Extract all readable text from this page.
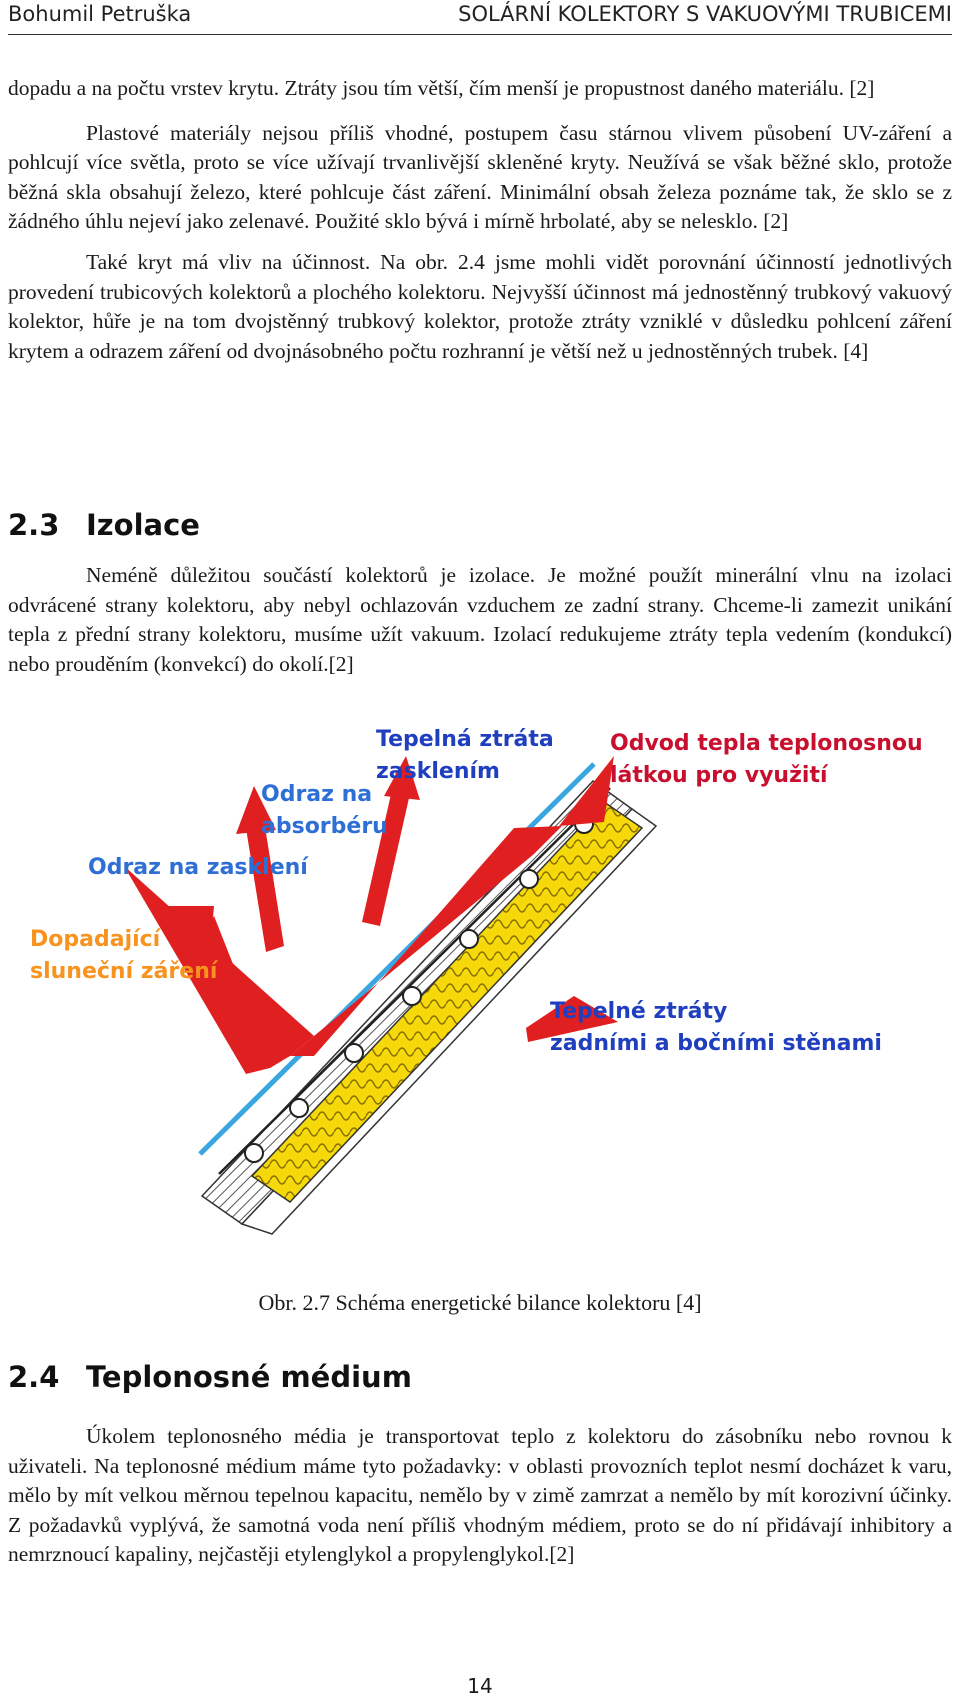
Bohumil Petruška	SOLÁRNÍ KOLEKTORY S VAKUOVÝMI TRUBICEMI

dopadu a na počtu vrstev krytu. Ztráty jsou tím větší, čím menší je propustnost daného materiálu. [2]

Plastové materiály nejsou příliš vhodné, postupem času stárnou vlivem působení UV-záření a pohlcují více světla, proto se více užívají trvanlivější skleněné kryty. Neužívá se však běžné sklo, protože běžná skla obsahují železo, které pohlcuje část záření. Minimální obsah železa poznáme tak, že sklo se z žádného úhlu nejeví jako zelenavé. Použité sklo bývá i mírně hrbolaté, aby se nelesklo. [2]

Také kryt má vliv na účinnost. Na obr. 2.4 jsme mohli vidět porovnání účinností jednotlivých provedení trubicových kolektorů a plochého kolektoru. Nejvyšší účinnost má jednostěnný trubkový vakuový kolektor, hůře je na tom dvojstěnný trubkový kolektor, protože ztráty vzniklé v důsledku pohlcení záření krytem a odrazem záření od dvojnásobného počtu rozhranní je větší než u jednostěnných trubek. [4]

2.3 Izolace

Neméně důležitou součástí kolektorů je izolace. Je možné použít minerální vlnu na izolaci odvrácené strany kolektoru, aby nebyl ochlazován vzduchem ze zadní strany. Chceme-li zamezit unikání tepla z přední strany kolektoru, musíme užít vakuum. Izolací redukujeme ztráty tepla vedením (kondukcí) nebo prouděním (konvekcí) do okolí.[2]

Dopadající
sluneční záření
Odraz na zasklení
Odraz na
absorbéru
Tepelná ztráta
zasklením
Odvod tepla teplonosnou
látkou pro využití
Tepelné ztráty
zadními a bočními stěnami
Obr. 2.7 Schéma energetické bilance kolektoru [4]
2.4 Teplonosné médium

Úkolem teplonosného média je transportovat teplo z kolektoru do zásobníku nebo rovnou k uživateli. Na teplonosné médium máme tyto požadavky: v oblasti provozních teplot nesmí docházet k varu, mělo by mít velkou měrnou tepelnou kapacitu, nemělo by v zimě zamrzat a nemělo by mít korozivní účinky. Z požadavků vyplývá, že samotná voda není příliš vhodným médiem, proto se do ní přidávají inhibitory a nemrznoucí kapaliny, nejčastěji etylenglykol a propylenglykol.[2]

14
